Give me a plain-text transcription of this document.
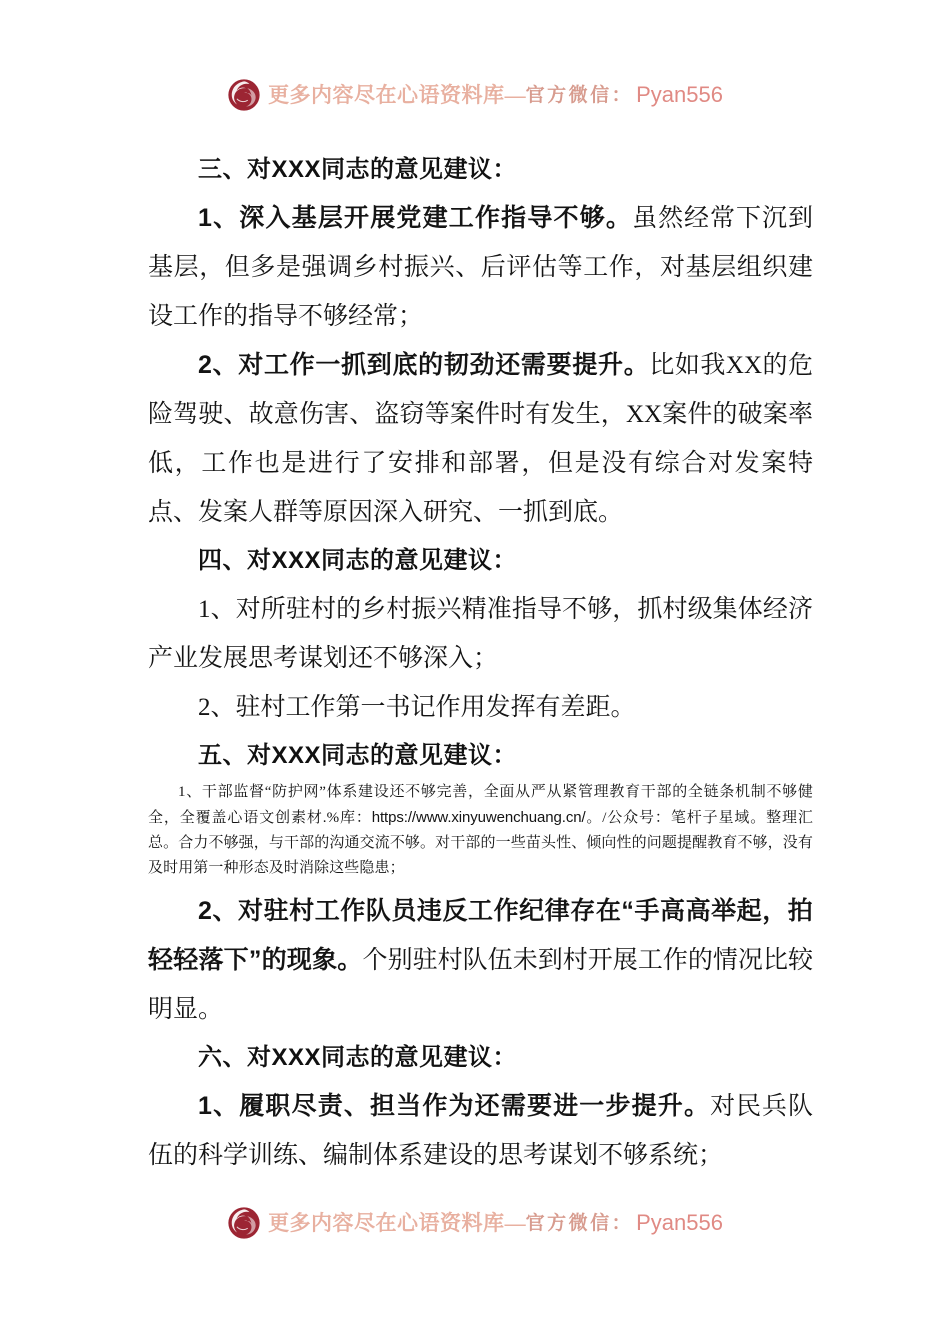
更多内容尽在心语资料库 — 官方微信： Pyan556

三、对XXX同志的意见建议：

1、深入基层开展党建工作指导不够。虽然经常下沉到基层，但多是强调乡村振兴、后评估等工作，对基层组织建设工作的指导不够经常；

2、对工作一抓到底的韧劲还需要提升。比如我XX的危险驾驶、故意伤害、盗窃等案件时有发生，XX案件的破案率低，工作也是进行了安排和部署，但是没有综合对发案特点、发案人群等原因深入研究、一抓到底。

四、对XXX同志的意见建议：

1、对所驻村的乡村振兴精准指导不够，抓村级集体经济产业发展思考谋划还不够深入；

2、驻村工作第一书记作用发挥有差距。

五、对XXX同志的意见建议：

1、干部监督“防护网”体系建设还不够完善，全面从严从紧管理教育干部的全链条机制不够健全，全覆盖心语文创素材.%库：https://www.xinyuwenchuang.cn/。/公众号：笔杆子星域。整理汇总。合力不够强，与干部的沟通交流不够。对干部的一些苗头性、倾向性的问题提醒教育不够，没有及时用第一种形态及时消除这些隐患；

2、对驻村工作队员违反工作纪律存在“手高高举起，拍轻轻落下”的现象。个别驻村队伍未到村开展工作的情况比较明显。

六、对XXX同志的意见建议：

1、履职尽责、担当作为还需要进一步提升。对民兵队伍的科学训练、编制体系建设的思考谋划不够系统；

更多内容尽在心语资料库 — 官方微信： Pyan556
